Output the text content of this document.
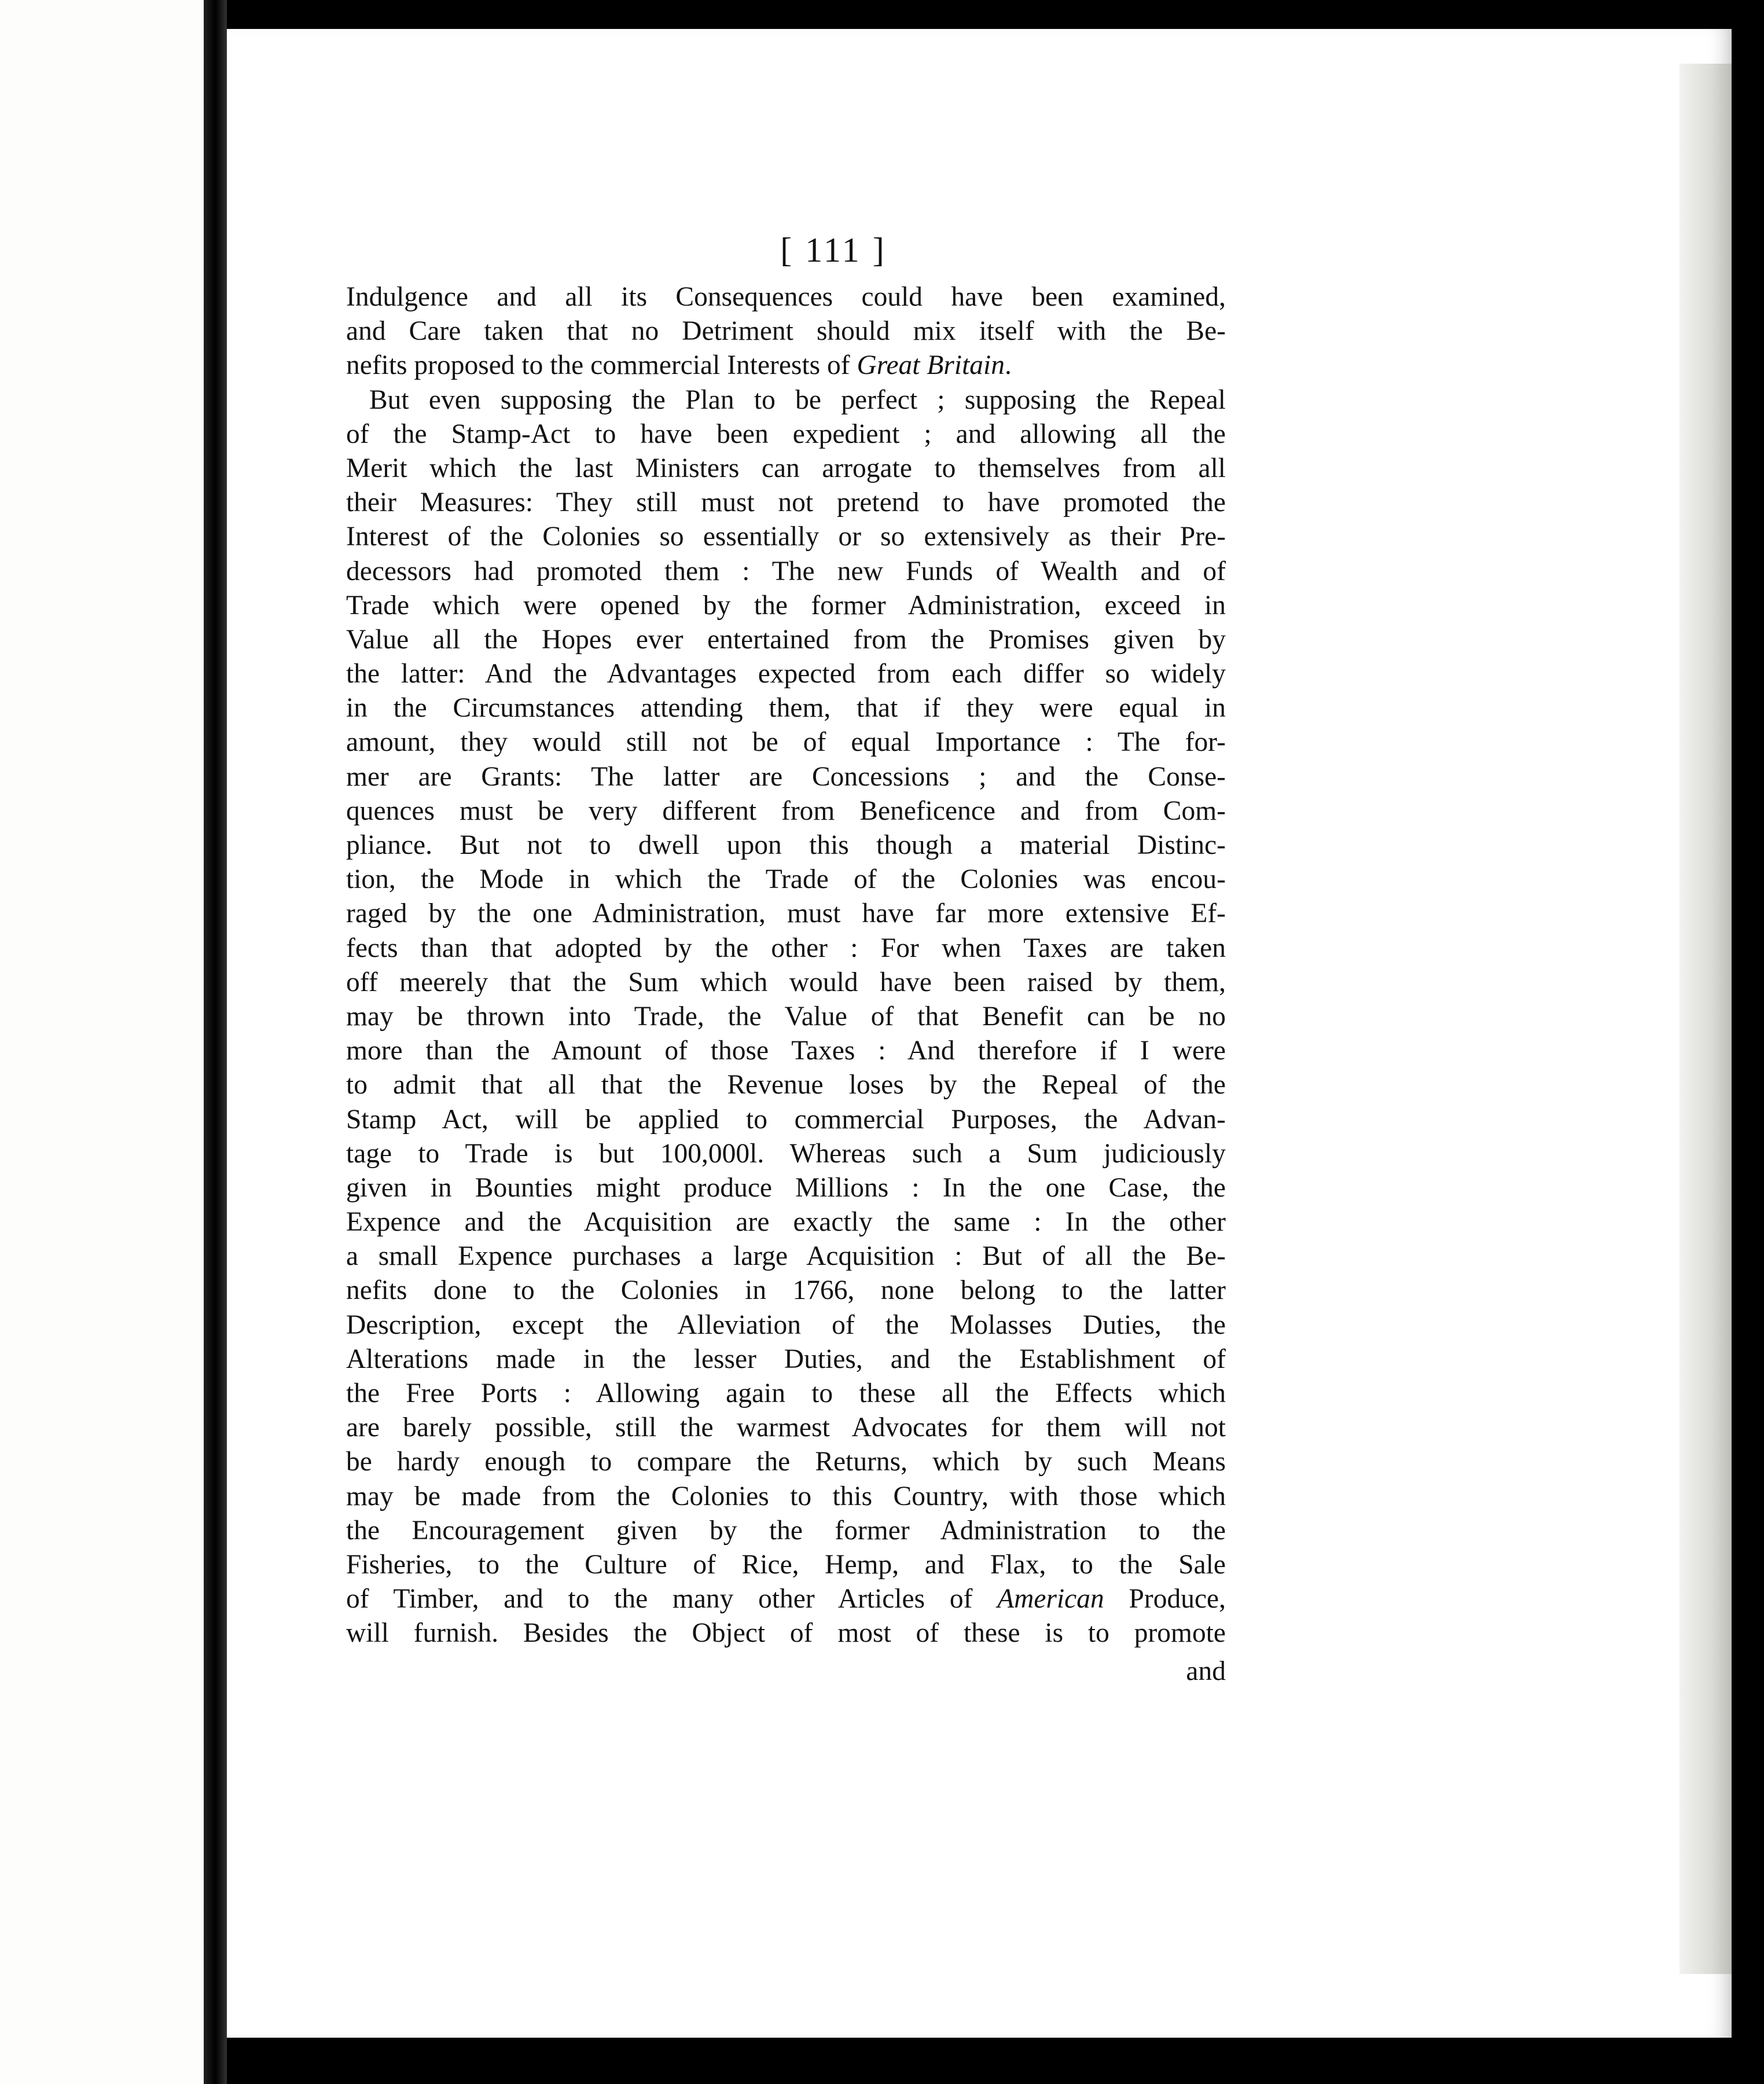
[ 111 ]
Indulgence and all its Consequences could have been examined,
and Care taken that no Detriment should mix itself with the Be-
nefits proposed to the commercial Interests of Great Britain.
But even supposing the Plan to be perfect ; supposing the Repeal
of the Stamp-Act to have been expedient ; and allowing all the
Merit which the last Ministers can arrogate to themselves from all
their Measures: They still must not pretend to have promoted the
Interest of the Colonies so essentially or so extensively as their Pre-
decessors had promoted them : The new Funds of Wealth and of
Trade which were opened by the former Administration, exceed in
Value all the Hopes ever entertained from the Promises given by
the latter: And the Advantages expected from each differ so widely
in the Circumstances attending them, that if they were equal in
amount, they would still not be of equal Importance : The for-
mer are Grants: The latter are Concessions ; and the Conse-
quences must be very different from Beneficence and from Com-
pliance. But not to dwell upon this though a material Distinc-
tion, the Mode in which the Trade of the Colonies was encou-
raged by the one Administration, must have far more extensive Ef-
fects than that adopted by the other : For when Taxes are taken
off meerely that the Sum which would have been raised by them,
may be thrown into Trade, the Value of that Benefit can be no
more than the Amount of those Taxes : And therefore if I were
to admit that all that the Revenue loses by the Repeal of the
Stamp Act, will be applied to commercial Purposes, the Advan-
tage to Trade is but 100,000l. Whereas such a Sum judiciously
given in Bounties might produce Millions : In the one Case, the
Expence and the Acquisition are exactly the same : In the other
a small Expence purchases a large Acquisition : But of all the Be-
nefits done to the Colonies in 1766, none belong to the latter
Description, except the Alleviation of the Molasses Duties, the
Alterations made in the lesser Duties, and the Establishment of
the Free Ports : Allowing again to these all the Effects which
are barely possible, still the warmest Advocates for them will not
be hardy enough to compare the Returns, which by such Means
may be made from the Colonies to this Country, with those which
the Encouragement given by the former Administration to the
Fisheries, to the Culture of Rice, Hemp, and Flax, to the Sale
of Timber, and to the many other Articles of American Produce,
will furnish. Besides the Object of most of these is to promote
and
